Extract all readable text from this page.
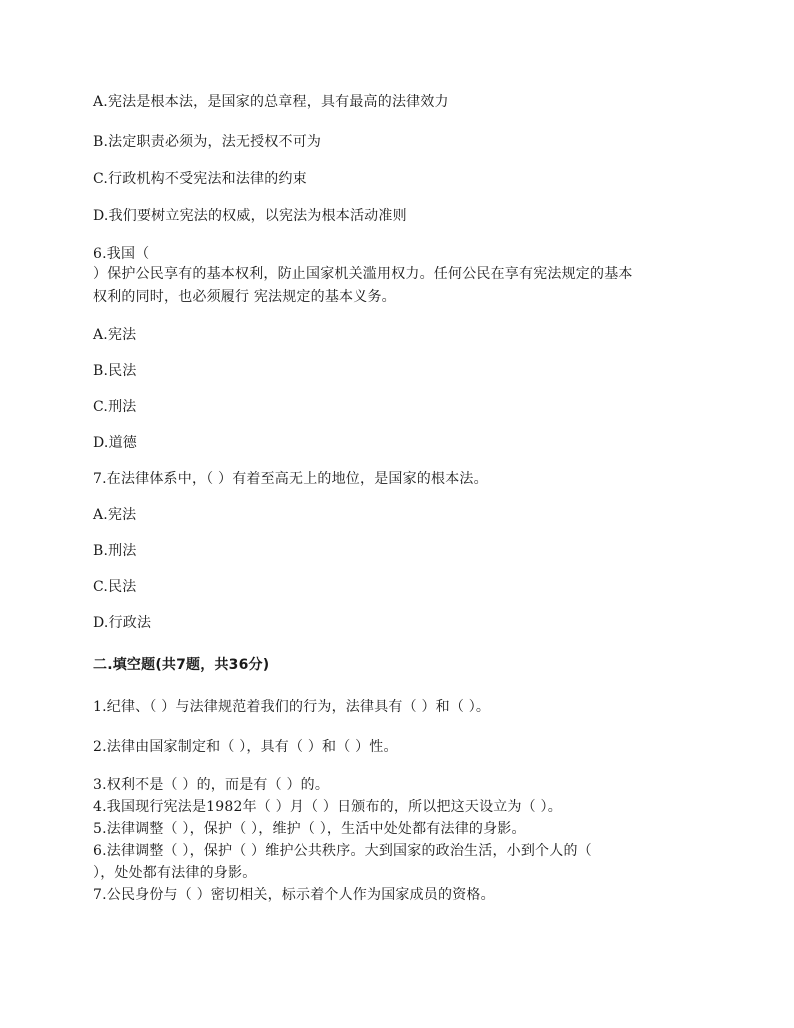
A.宪法是根本法，是国家的总章程，具有最高的法律效力
B.法定职责必须为，法无授权不可为
C.行政机构不受宪法和法律的约束
D.我们要树立宪法的权威，以宪法为根本活动准则
6.我国（
）保护公民享有的基本权利，防止国家机关滥用权力。任何公民在享有宪法规定的基本
权利的同时，也必须履行 宪法规定的基本义务。
A.宪法
B.民法
C.刑法
D.道德
7.在法律体系中，（ ）有着至高无上的地位，是国家的根本法。
A.宪法
B.刑法
C.民法
D.行政法
二.填空题(共7题，共36分)
1.纪律、（ ）与法律规范着我们的行为，法律具有（ ）和（ ）。
2.法律由国家制定和（ ），具有（ ）和（ ）性。
3.权利不是（ ）的，而是有（ ）的。
4.我国现行宪法是1982年（ ）月（ ）日颁布的，所以把这天设立为（ ）。
5.法律调整（ ），保护（ ），维护（ ），生活中处处都有法律的身影。
6.法律调整（ ），保护（ ）维护公共秩序。大到国家的政治生活，小到个人的（
），处处都有法律的身影。
7.公民身份与（ ）密切相关，标示着个人作为国家成员的资格。
